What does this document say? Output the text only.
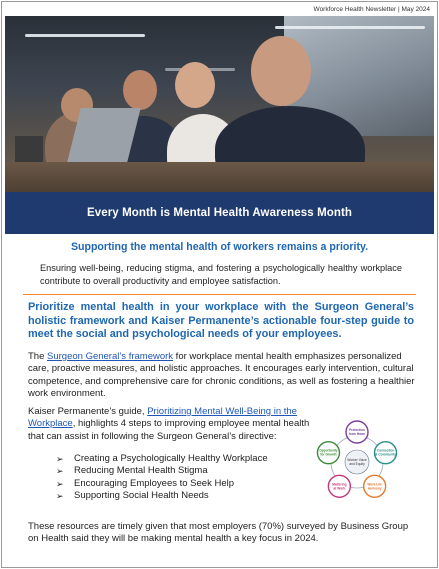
Workforce Health Newsletter | May 2024
Every Month is Mental Health Awareness Month
Supporting the mental health of workers remains a priority.

Ensuring well-being, reducing stigma, and fostering a psychologically healthy workplace contribute to overall productivity and employee satisfaction.

Prioritize mental health in your workplace with the Surgeon General’s holistic framework and Kaiser Permanente’s actionable four-step guide to meet the social and psychological needs of your employees.

The Surgeon General’s framework for workplace mental health emphasizes personalized care, proactive measures, and holistic approaches. It encourages early intervention, cultural competence, and comprehensive care for chronic conditions, as well as fostering a healthier work environment.

Kaiser Permanente’s guide, Prioritizing Mental Well-Being in the Workplace, highlights 4 steps to improving employee mental health that can assist in following the Surgeon General’s directive:

➢	Creating a Psychologically Healthy Workplace
➢	Reducing Mental Health Stigma
➢	Encouraging Employees to Seek Help
➢	Supporting Social Health Needs
Worker Voice
and Equity
Protection
from Harm
Connection
& Community
Work-Life
Harmony
Mattering
at Work
Opportunity
for Growth

These resources are timely given that most employers (70%) surveyed by Business Group on Health said they will be making mental health a key focus in 2024.
